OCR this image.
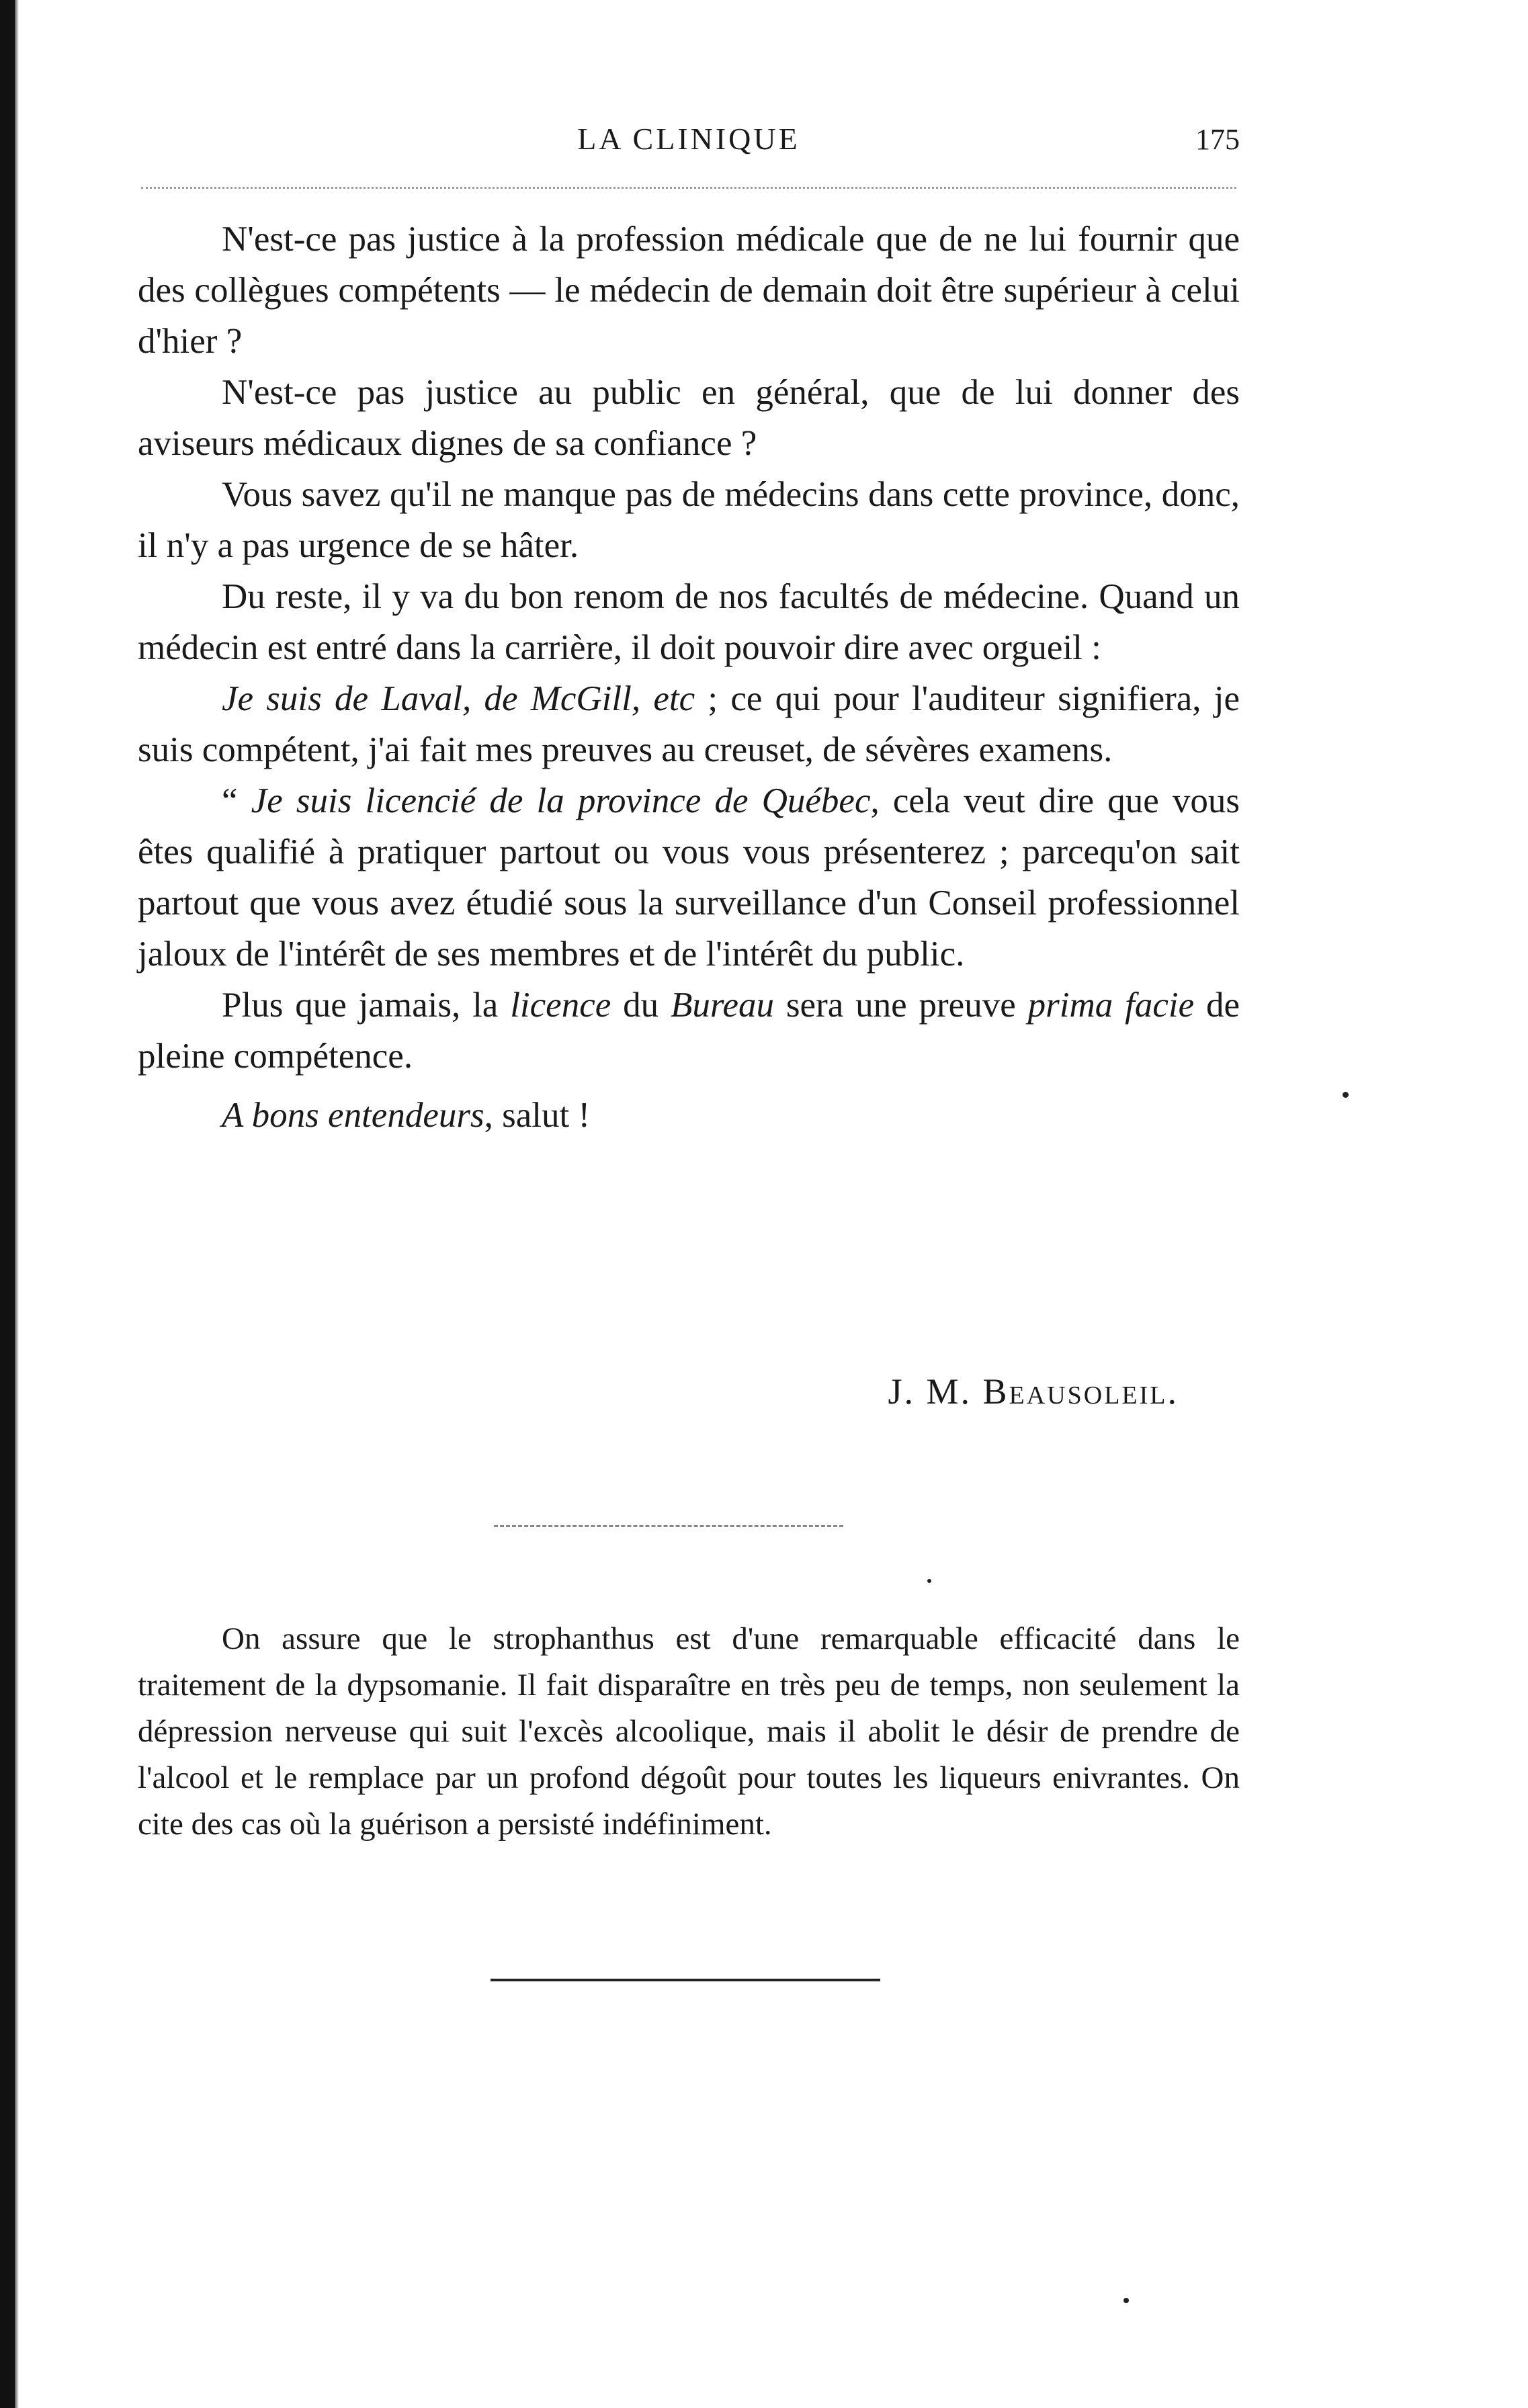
LA CLINIQUE	175

N'est-ce pas justice à la profession médicale que de ne lui fournir que des collègues compétents — le médecin de demain doit être supérieur à celui d'hier ?

N'est-ce pas justice au public en général, que de lui donner des aviseurs médicaux dignes de sa confiance ?

Vous savez qu'il ne manque pas de médecins dans cette province, donc, il n'y a pas urgence de se hâter.

Du reste, il y va du bon renom de nos facultés de médecine. Quand un médecin est entré dans la carrière, il doit pouvoir dire avec orgueil :

Je suis de Laval, de McGill, etc ; ce qui pour l'auditeur signifiera, je suis compétent, j'ai fait mes preuves au creuset, de sévères examens.

“ Je suis licencié de la province de Québec, cela veut dire que vous êtes qualifié à pratiquer partout ou vous vous présenterez ; parcequ'on sait partout que vous avez étudié sous la surveillance d'un Conseil professionnel jaloux de l'intérêt de ses membres et de l'intérêt du public.

Plus que jamais, la licence du Bureau sera une preuve prima facie de pleine compétence.

A bons entendeurs, salut !

J. M. Beausoleil.

On assure que le strophanthus est d'une remarquable efficacité dans le traitement de la dypsomanie. Il fait disparaître en très peu de temps, non seulement la dépression nerveuse qui suit l'excès alcoolique, mais il abolit le désir de prendre de l'alcool et le remplace par un profond dégoût pour toutes les liqueurs enivrantes. On cite des cas où la guérison a persisté indéfiniment.
